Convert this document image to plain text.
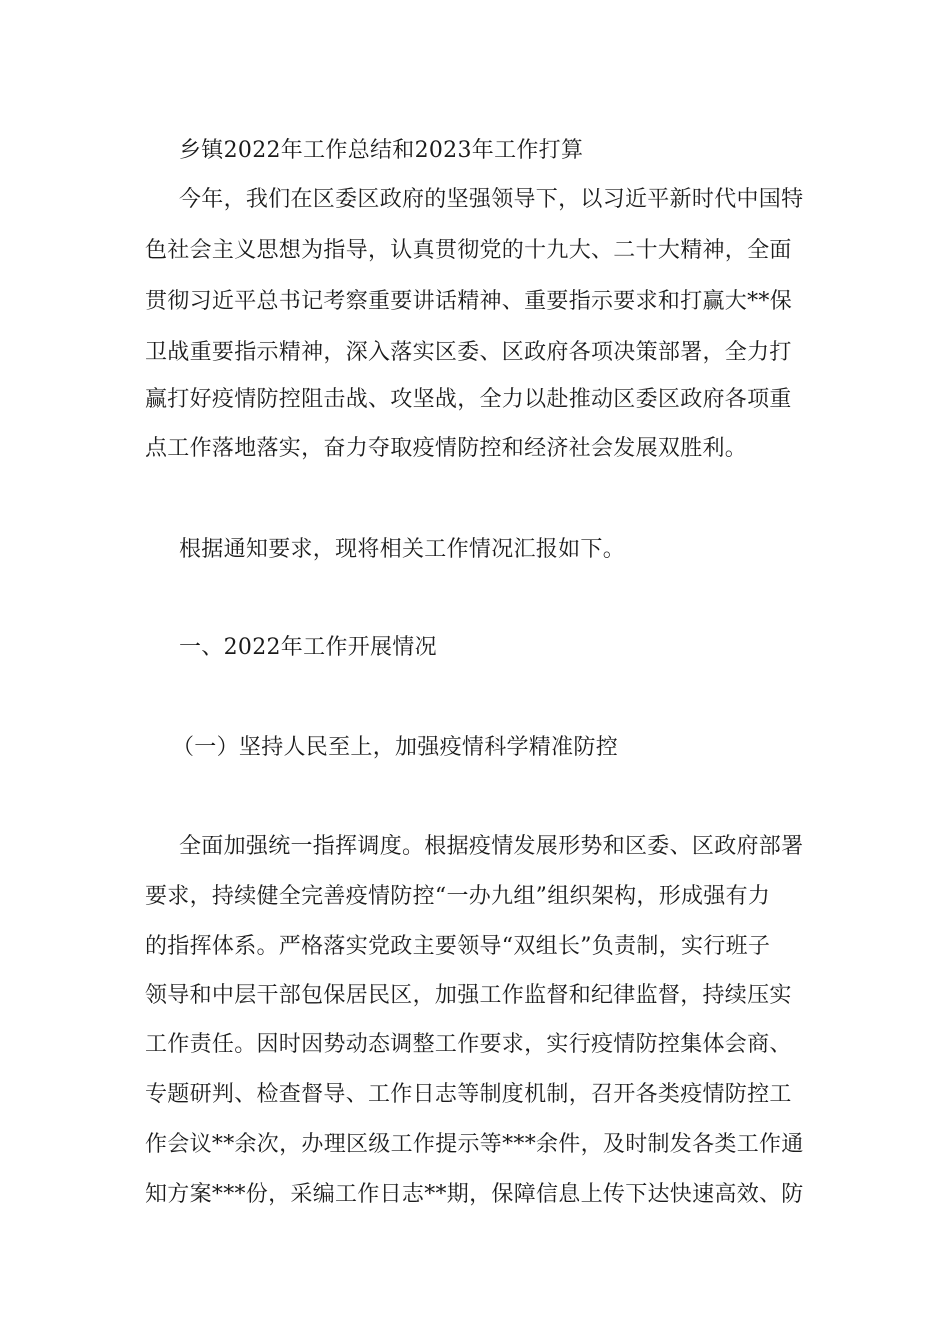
乡镇2022年工作总结和2023年工作打算
今年，我们在区委区政府的坚强领导下，以习近平新时代中国特
色社会主义思想为指导，认真贯彻党的十九大、二十大精神，全面
贯彻习近平总书记考察重要讲话精神、重要指示要求和打赢大**保
卫战重要指示精神，深入落实区委、区政府各项决策部署，全力打
赢打好疫情防控阻击战、攻坚战，全力以赴推动区委区政府各项重
点工作落地落实，奋力夺取疫情防控和经济社会发展双胜利。
根据通知要求，现将相关工作情况汇报如下。
一、2022年工作开展情况
（一）坚持人民至上，加强疫情科学精准防控
全面加强统一指挥调度。根据疫情发展形势和区委、区政府部署
要求，持续健全完善疫情防控“一办九组”组织架构，形成强有力
的指挥体系。严格落实党政主要领导“双组长”负责制，实行班子
领导和中层干部包保居民区，加强工作监督和纪律监督，持续压实
工作责任。因时因势动态调整工作要求，实行疫情防控集体会商、
专题研判、检查督导、工作日志等制度机制，召开各类疫情防控工
作会议**余次，办理区级工作提示等***余件，及时制发各类工作通
知方案***份，采编工作日志**期，保障信息上传下达快速高效、防
